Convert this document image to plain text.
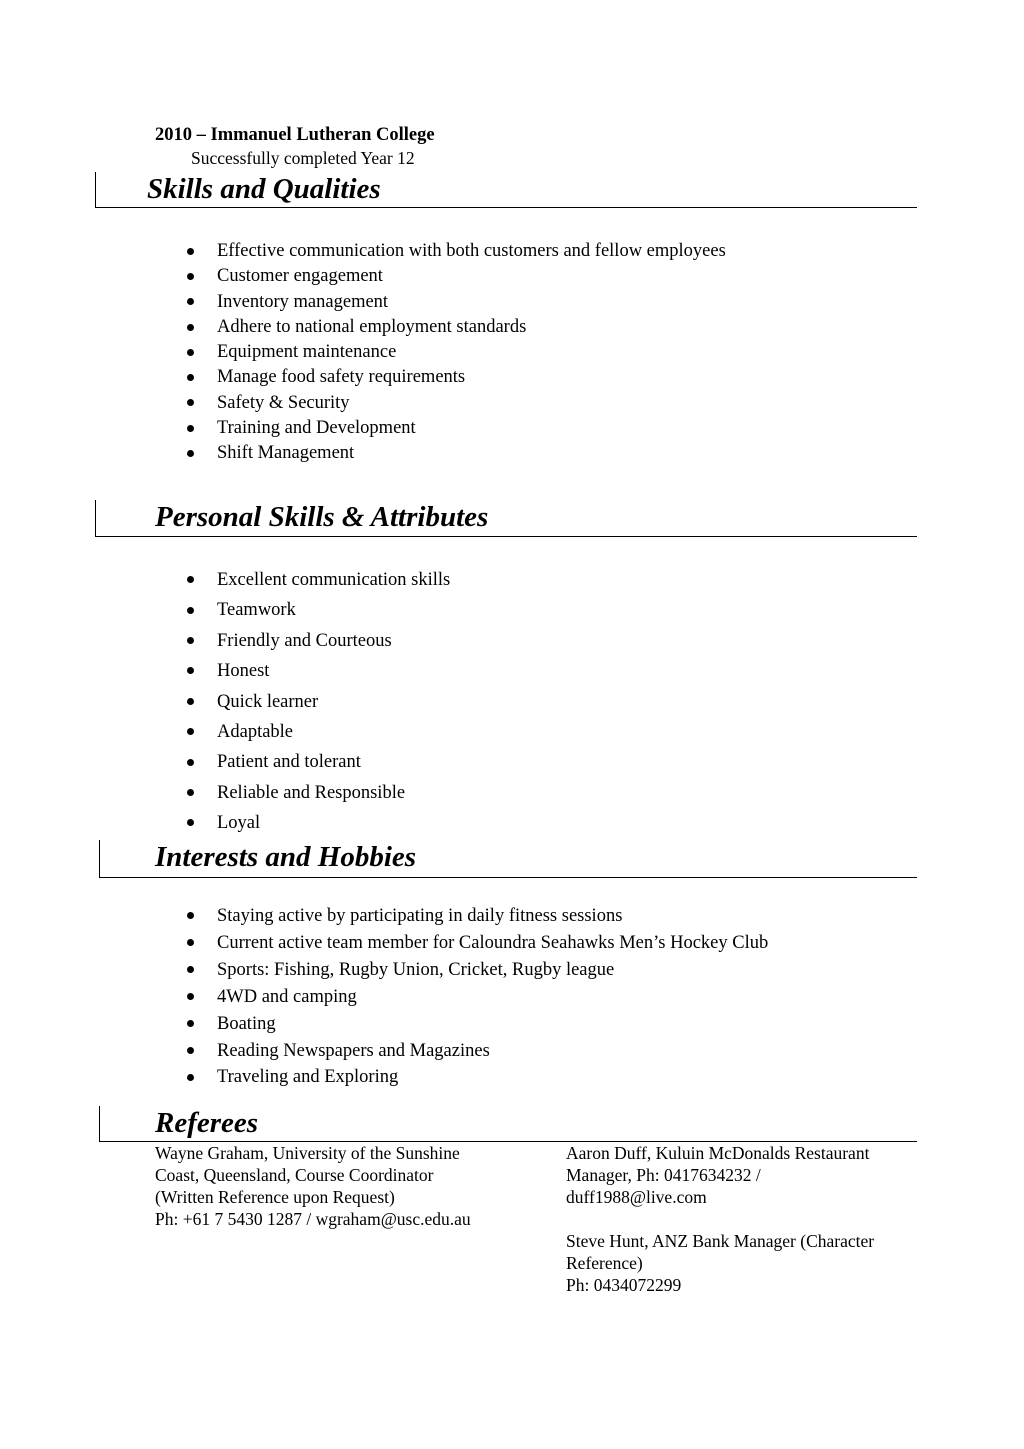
2010 – Immanuel Lutheran College
Successfully completed Year 12
Skills and Qualities
Effective communication with both customers and fellow employees
Customer engagement
Inventory management
Adhere to national employment standards
Equipment maintenance
Manage food safety requirements
Safety & Security
Training and Development
Shift Management
Personal Skills & Attributes
Excellent communication skills
Teamwork
Friendly and Courteous
Honest
Quick learner
Adaptable
Patient and tolerant
Reliable and Responsible
Loyal
Interests and Hobbies
Staying active by participating in daily fitness sessions
Current active team member for Caloundra Seahawks Men’s Hockey Club
Sports: Fishing, Rugby Union, Cricket, Rugby league
4WD and camping
Boating
Reading Newspapers and Magazines
Traveling and Exploring
Referees

Wayne Graham, University of the Sunshine

Coast, Queensland, Course Coordinator

(Written Reference upon Request)

Ph: +61 7 5430 1287 / wgraham@usc.edu.au

Aaron Duff, Kuluin McDonalds Restaurant

Manager, Ph: 0417634232 /

duff1988@live.com

Steve Hunt, ANZ Bank Manager (Character

Reference)

Ph: 0434072299
